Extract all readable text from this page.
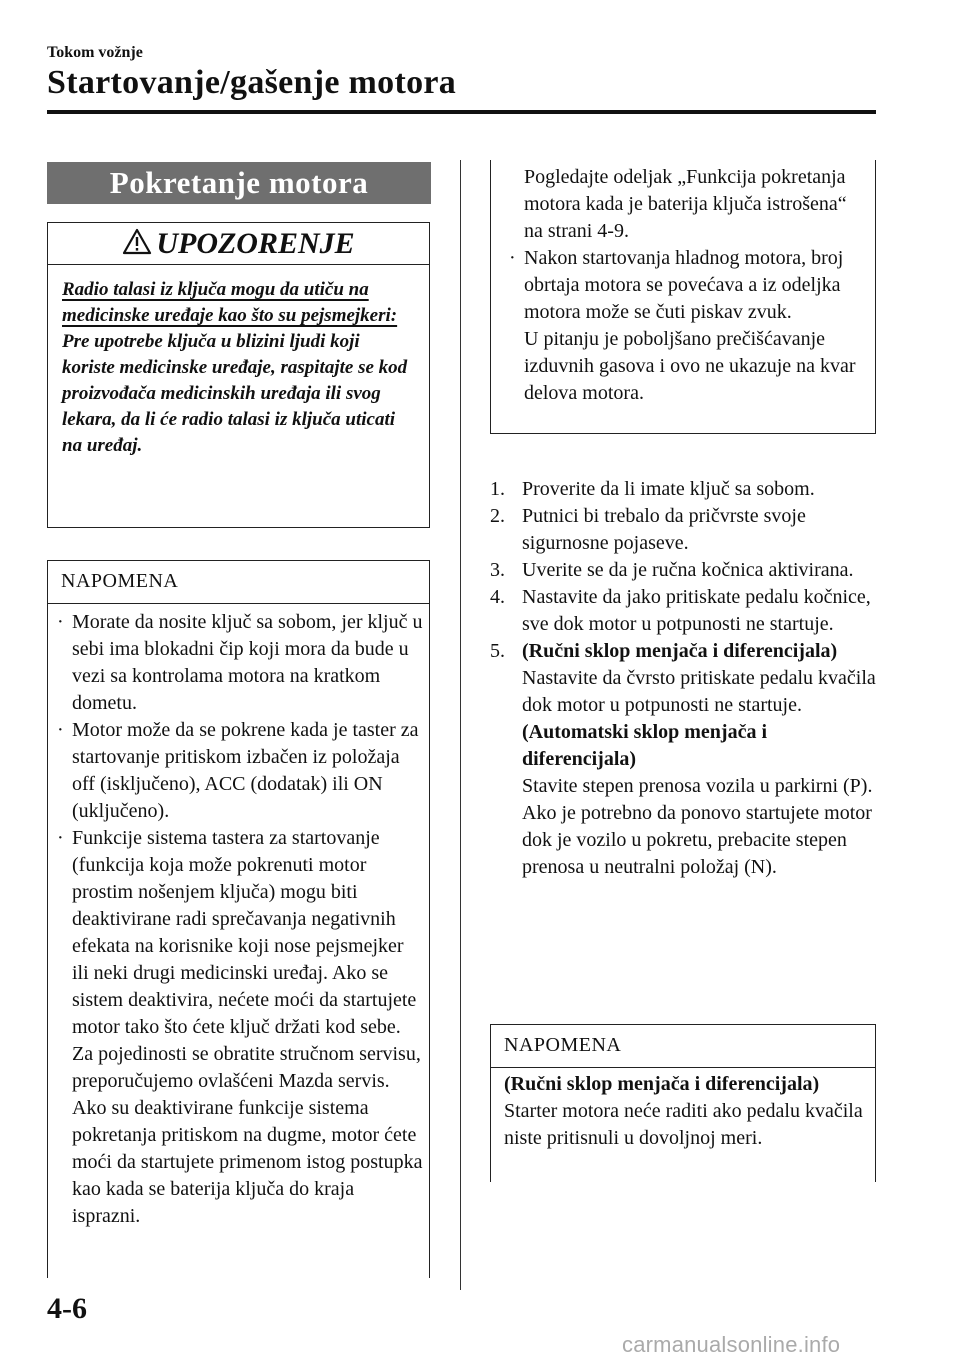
Tokom vožnje
Startovanje/gašenje motora
Pokretanje motora
UPOZORENJE
Radio talasi iz ključa mogu da utiču na medicinske uređaje kao što su pejsmejkeri:
Pre upotrebe ključa u blizini ljudi koji koriste medicinske uređaje, raspitajte se kod proizvođača medicinskih uređaja ili svog lekara, da li će radio talasi iz ključa uticati na uređaj.
NAPOMENA
· Morate da nosite ključ sa sobom, jer ključ u sebi ima blokadni čip koji mora da bude u vezi sa kontrolama motora na kratkom dometu.
· Motor može da se pokrene kada je taster za startovanje pritiskom izbačen iz položaja off (isključeno), ACC (dodatak) ili ON (uključeno).
· Funkcije sistema tastera za startovanje (funkcija koja može pokrenuti motor prostim nošenjem ključa) mogu biti deaktivirane radi sprečavanja negativnih efekata na korisnike koji nose pejsmejker ili neki drugi medicinski uređaj. Ako se sistem deaktivira, nećete moći da startujete motor tako što ćete ključ držati kod sebe. Za pojedinosti se obratite stručnom servisu, preporučujemo ovlašćeni Mazda servis. Ako su deaktivirane funkcije sistema pokretanja pritiskom na dugme, motor ćete moći da startujete primenom istog postupka kao kada se baterija ključa do kraja isprazni.
Pogledajte odeljak „Funkcija pokretanja motora kada je baterija ključa istrošena“ na strani 4-9.
· Nakon startovanja hladnog motora, broj obrtaja motora se povećava a iz odeljka motora može se čuti piskav zvuk.
U pitanju je poboljšano prečišćavanje izduvnih gasova i ovo ne ukazuje na kvar delova motora.
1. Proverite da li imate ključ sa sobom.
2. Putnici bi trebalo da pričvrste svoje sigurnosne pojaseve.
3. Uverite se da je ručna kočnica aktivirana.
4. Nastavite da jako pritiskate pedalu kočnice, sve dok motor u potpunosti ne startuje.
5. (Ručni sklop menjača i diferencijala)
Nastavite da čvrsto pritiskate pedalu kvačila dok motor u potpunosti ne startuje.
(Automatski sklop menjača i diferencijala)
Stavite stepen prenosa vozila u parkirni (P). Ako je potrebno da ponovo startujete motor dok je vozilo u pokretu, prebacite stepen prenosa u neutralni položaj (N).
NAPOMENA
(Ručni sklop menjača i diferencijala)
Starter motora neće raditi ako pedalu kvačila niste pritisnuli u dovoljnoj meri.
4-6
carmanualsonline.info
